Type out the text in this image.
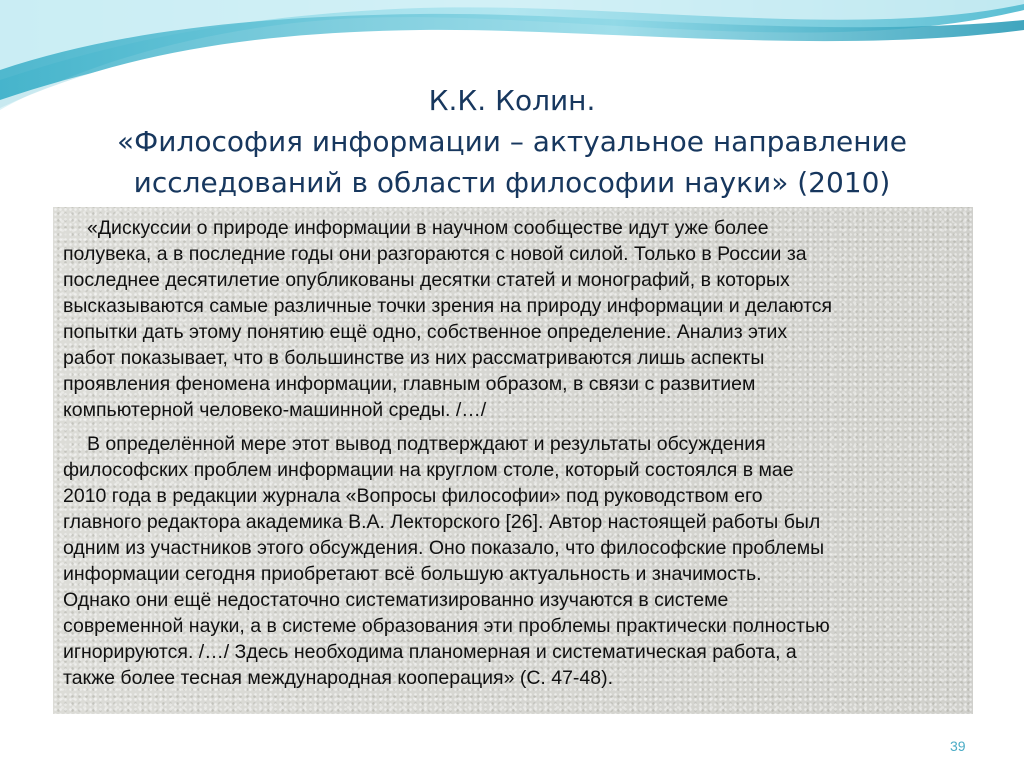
К.К. Колин.
«Философия информации – актуальное направление
исследований в области философии науки» (2010)
«Дискуссии о природе информации в научном сообществе идут уже более
полувека, а в последние годы они разгораются с новой силой. Только в России за
последнее десятилетие опубликованы десятки статей и монографий, в которых
высказываются самые различные точки зрения на природу информации и делаются
попытки дать этому понятию ещё одно, собственное определение. Анализ этих
работ показывает, что в большинстве из них рассматриваются лишь аспекты
проявления феномена информации, главным образом, в связи с развитием
компьютерной человеко-машинной среды. /…/
В определённой мере этот вывод подтверждают и результаты обсуждения
философских проблем информации на круглом столе, который состоялся в мае
2010 года в редакции журнала «Вопросы философии» под руководством его
главного редактора академика В.А. Лекторского [26]. Автор настоящей работы был
одним из участников этого обсуждения. Оно показало, что философские проблемы
информации сегодня приобретают всё большую актуальность и значимость.
Однако они ещё недостаточно систематизированно изучаются в системе
современной науки, а в системе образования эти проблемы практически полностью
игнорируются. /…/ Здесь необходима планомерная и систематическая работа, а
также более тесная международная кооперация» (С. 47-48).
39
